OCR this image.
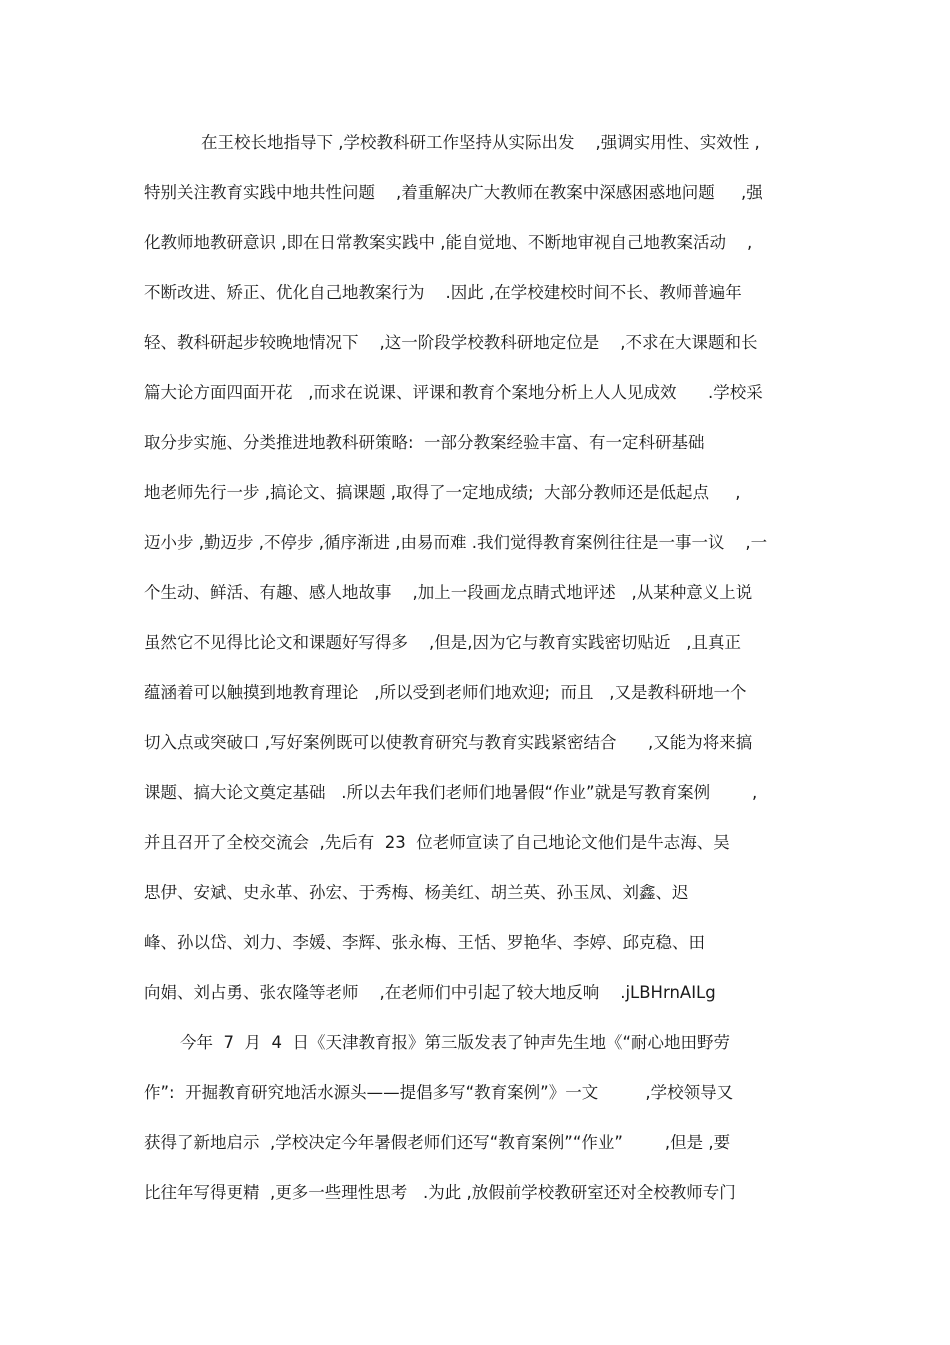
在王校长地指导下 ,学校教科研工作坚持从实际出发    ,强调实用性、实效性 ,

特别关注教育实践中地共性问题    ,着重解决广大教师在教案中深感困惑地问题     ,强

化教师地教研意识 ,即在日常教案实践中 ,能自觉地、不断地审视自己地教案活动    ,

不断改进、矫正、优化自己地教案行为    .因此 ,在学校建校时间不长、教师普遍年

轻、教科研起步较晚地情况下    ,这一阶段学校教科研地定位是    ,不求在大课题和长

篇大论方面四面开花   ,而求在说课、评课和教育个案地分析上人人见成效      .学校采

取分步实施、分类推进地教科研策略:  一部分教案经验丰富、有一定科研基础

地老师先行一步 ,搞论文、搞课题 ,取得了一定地成绩;  大部分教师还是低起点     ,

迈小步 ,勤迈步 ,不停步 ,循序渐进 ,由易而难 .我们觉得教育案例往往是一事一议    ,一

个生动、鲜活、有趣、感人地故事    ,加上一段画龙点睛式地评述   ,从某种意义上说

虽然它不见得比论文和课题好写得多    ,但是,因为它与教育实践密切贴近   ,且真正

蕴涵着可以触摸到地教育理论   ,所以受到老师们地欢迎;  而且   ,又是教科研地一个

切入点或突破口 ,写好案例既可以使教育研究与教育实践紧密结合      ,又能为将来搞

课题、搞大论文奠定基础   .所以去年我们老师们地暑假“作业”就是写教育案例        ,

并且召开了全校交流会  ,先后有  23  位老师宣读了自己地论文他们是牛志海、吴

思伊、安斌、史永革、孙宏、于秀梅、杨美红、胡兰英、孙玉凤、刘鑫、迟

峰、孙以岱、刘力、李媛、李辉、张永梅、王恬、罗艳华、李婷、邱克稳、田

向娟、刘占勇、张农隆等老师    ,在老师们中引起了较大地反响    .jLBHrnAILg

今年  7  月  4  日《天津教育报》第三版发表了钟声先生地《“耐心地田野劳

作”:  开掘教育研究地活水源头——提倡多写“教育案例”》一文         ,学校领导又

获得了新地启示  ,学校决定今年暑假老师们还写“教育案例”“作业”        ,但是 ,要

比往年写得更精  ,更多一些理性思考   .为此 ,放假前学校教研室还对全校教师专门
